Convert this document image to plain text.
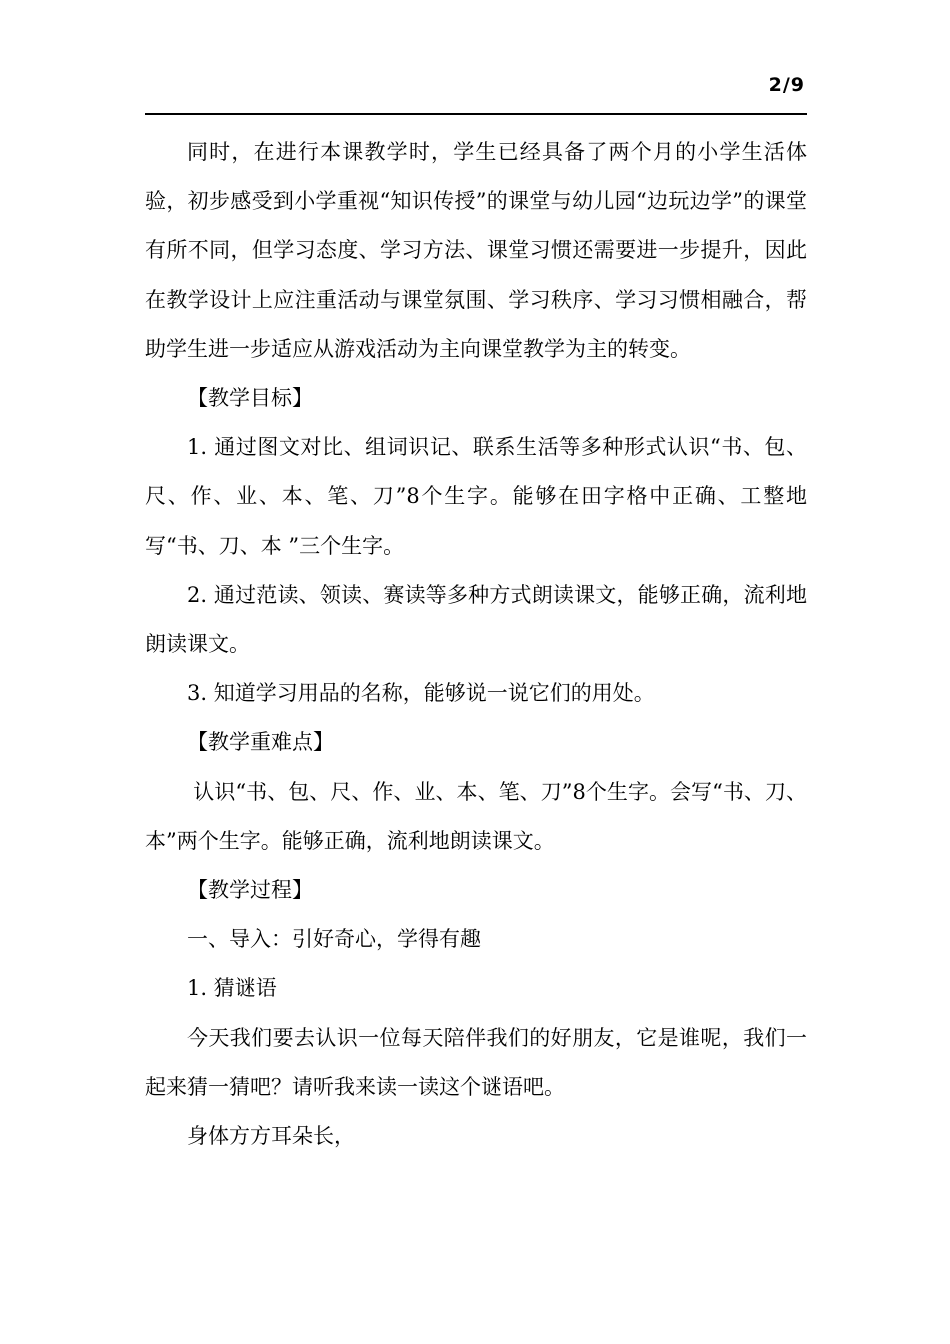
2/9

同时，在进行本课教学时，学生已经具备了两个月的小学生活体验，初步感受到小学重视“知识传授”的课堂与幼儿园“边玩边学”的课堂有所不同，但学习态度、学习方法、课堂习惯还需要进一步提升，因此在教学设计上应注重活动与课堂氛围、学习秩序、学习习惯相融合，帮助学生进一步适应从游戏活动为主向课堂教学为主的转变。

【教学目标】

1. 通过图文对比、组词识记、联系生活等多种形式认识“书、包、尺、作、业、本、笔、刀”8个生字。能够在田字格中正确、工整地写“书、刀、本 ”三个生字。

2. 通过范读、领读、赛读等多种方式朗读课文，能够正确，流利地朗读课文。

3. 知道学习用品的名称，能够说一说它们的用处。

【教学重难点】

认识“书、包、尺、作、业、本、笔、刀”8个生字。会写“书、刀、本”两个生字。能够正确，流利地朗读课文。

【教学过程】

一、导入：引好奇心，学得有趣

1. 猜谜语

今天我们要去认识一位每天陪伴我们的好朋友，它是谁呢，我们一起来猜一猜吧？请听我来读一读这个谜语吧。

身体方方耳朵长，
